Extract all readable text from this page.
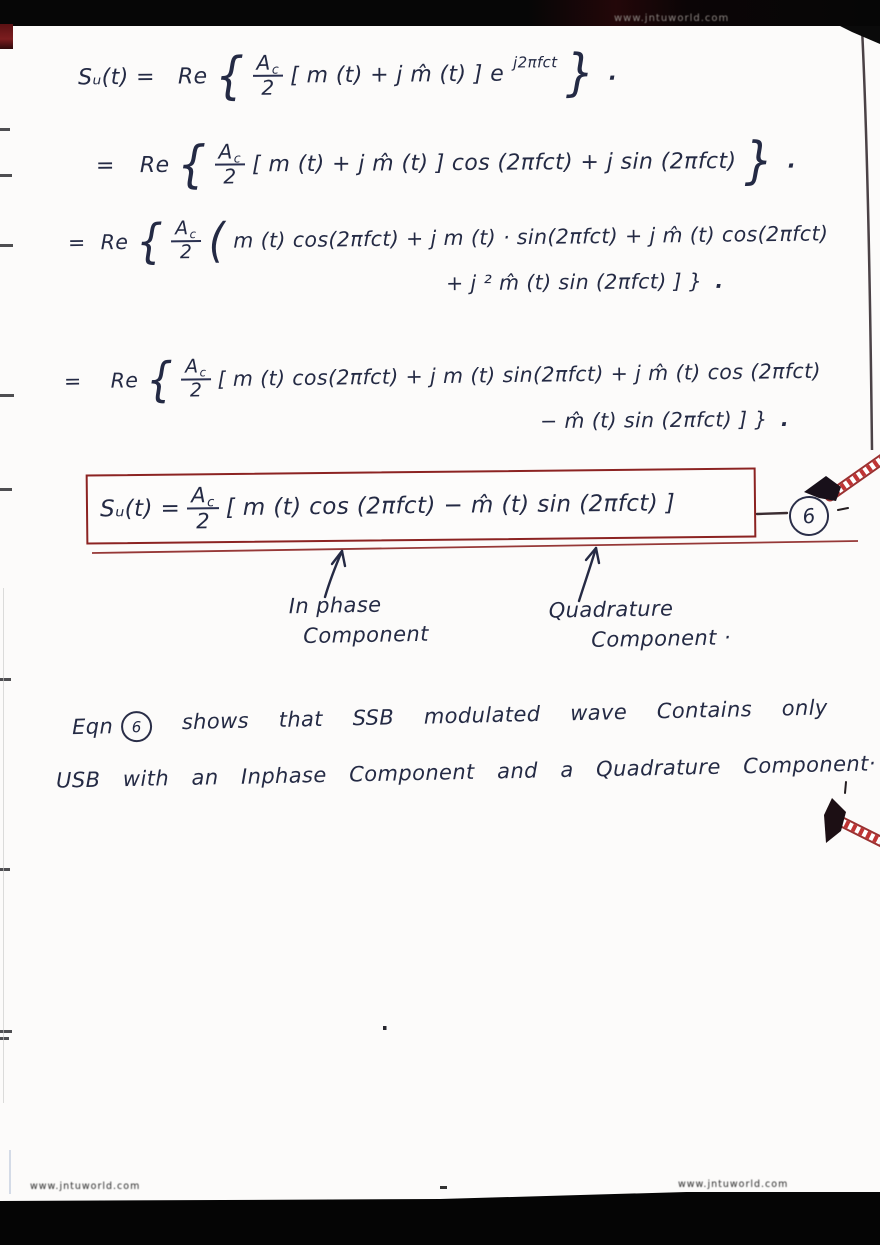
www.jntuworld.com
Sᵤ(t) = Re { $\frac{A_c}{2}$ [ m (t) + j m̂ (t) ] e j2πfct } .
= Re { $\frac{A_c}{2}$ [ m (t) + j m̂ (t) ] cos (2πfct) + j sin (2πfct) } .
= Re { $\frac{A_c}{2}$ ( m (t) cos(2πfct) + j m (t) · sin(2πfct) + j m̂ (t) cos(2πfct)
+ j ² m̂ (t) sin (2πfct) ] } .
= Re { $\frac{A_c}{2}$ [ m (t) cos(2πfct) + j m (t) sin(2πfct) + j m̂ (t) cos (2πfct)
− m̂ (t) sin (2πfct) ] } .
Sᵤ(t) = $\frac{A_c}{2}$ [ m (t) cos (2πfct) − m̂ (t) sin (2πfct) ]	6
In phase
Component
Quadrature
Component ·
Eqn 6	shows that SSB modulated wave Contains only
USB with an Inphase Component and a Quadrature Component·
www.jntuworld.com	www.jntuworld.com
